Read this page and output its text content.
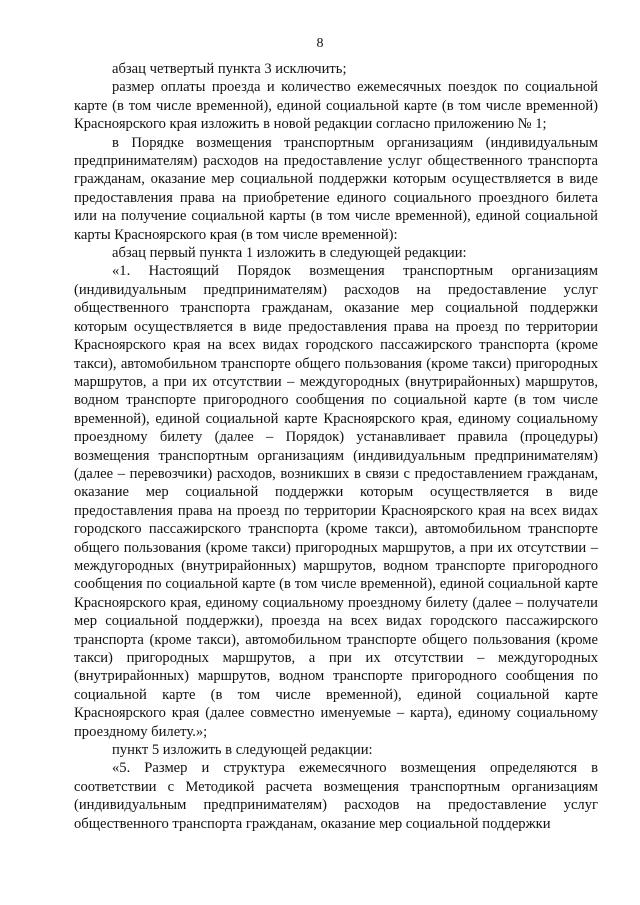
8

абзац четвертый пункта 3 исключить;

размер оплаты проезда и количество ежемесячных поездок по социальной карте (в том числе временной), единой социальной карте (в том числе временной) Красноярского края изложить в новой редакции согласно приложению № 1;

в Порядке возмещения транспортным организациям (индивидуальным предпринимателям) расходов на предоставление услуг общественного транспорта гражданам, оказание мер социальной поддержки которым осуществляется в виде предоставления права на приобретение единого социального проездного билета или на получение социальной карты (в том числе временной), единой социальной карты Красноярского края (в том числе временной):

абзац первый пункта 1 изложить в следующей редакции:

«1. Настоящий Порядок возмещения транспортным организациям (индивидуальным предпринимателям) расходов на предоставление услуг общественного транспорта гражданам, оказание мер социальной поддержки которым осуществляется в виде предоставления права на проезд по территории Красноярского края на всех видах городского пассажирского транспорта (кроме такси), автомобильном транспорте общего пользования (кроме такси) пригородных маршрутов, а при их отсутствии – междугородных (внутрирайонных) маршрутов, водном транспорте пригородного сообщения по социальной карте (в том числе временной), единой социальной карте Красноярского края, единому социальному проездному билету (далее – Порядок) устанавливает правила (процедуры) возмещения транспортным организациям (индивидуальным предпринимателям) (далее – перевозчики) расходов, возникших в связи с предоставлением гражданам, оказание мер социальной поддержки которым осуществляется в виде предоставления права на проезд по территории Красноярского края на всех видах городского пассажирского транспорта (кроме такси), автомобильном транспорте общего пользования (кроме такси) пригородных маршрутов, а при их отсутствии – междугородных (внутрирайонных) маршрутов, водном транспорте пригородного сообщения по социальной карте (в том числе временной), единой социальной карте Красноярского края, единому социальному проездному билету (далее – получатели мер социальной поддержки), проезда на всех видах городского пассажирского транспорта (кроме такси), автомобильном транспорте общего пользования (кроме такси) пригородных маршрутов, а при их отсутствии – междугородных (внутрирайонных) маршрутов, водном транспорте пригородного сообщения по социальной карте (в том числе временной), единой социальной карте Красноярского края (далее совместно именуемые – карта), единому социальному проездному билету.»;

пункт 5 изложить в следующей редакции:

«5. Размер и структура ежемесячного возмещения определяются в соответствии с Методикой расчета возмещения транспортным организациям (индивидуальным предпринимателям) расходов на предоставление услуг общественного транспорта гражданам, оказание мер социальной поддержки
